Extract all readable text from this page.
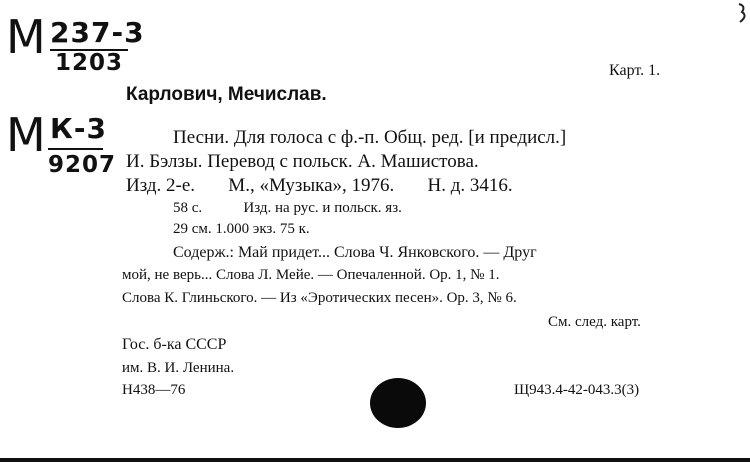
М 237-3
1203
М К-3
9207
Карт. 1.
Карлович, Мечислав.
Песни. Для голоса с ф.-п. Общ. ред. [и предисл.]
И. Бэлзы. Перевод с польск. А. Машистова.
Изд. 2-е.       М., «Музыка», 1976.       Н. д. 3416.
58 с.           Изд. на рус. и польск. яз.
29 см. 1.000 экз. 75 к.
Содерж.: Май придет... Слова Ч. Янковского. — Друг
мой, не верь... Слова Л. Мейе. — Опечаленной. Ор. 1, № 1.
Слова К. Глиньского. — Из «Эротических песен». Ор. 3, № 6.
См. след. карт.
Гос. б-ка СССР
им. В. И. Ленина.
Н438—76	Щ943.4-42-043.3(3)
